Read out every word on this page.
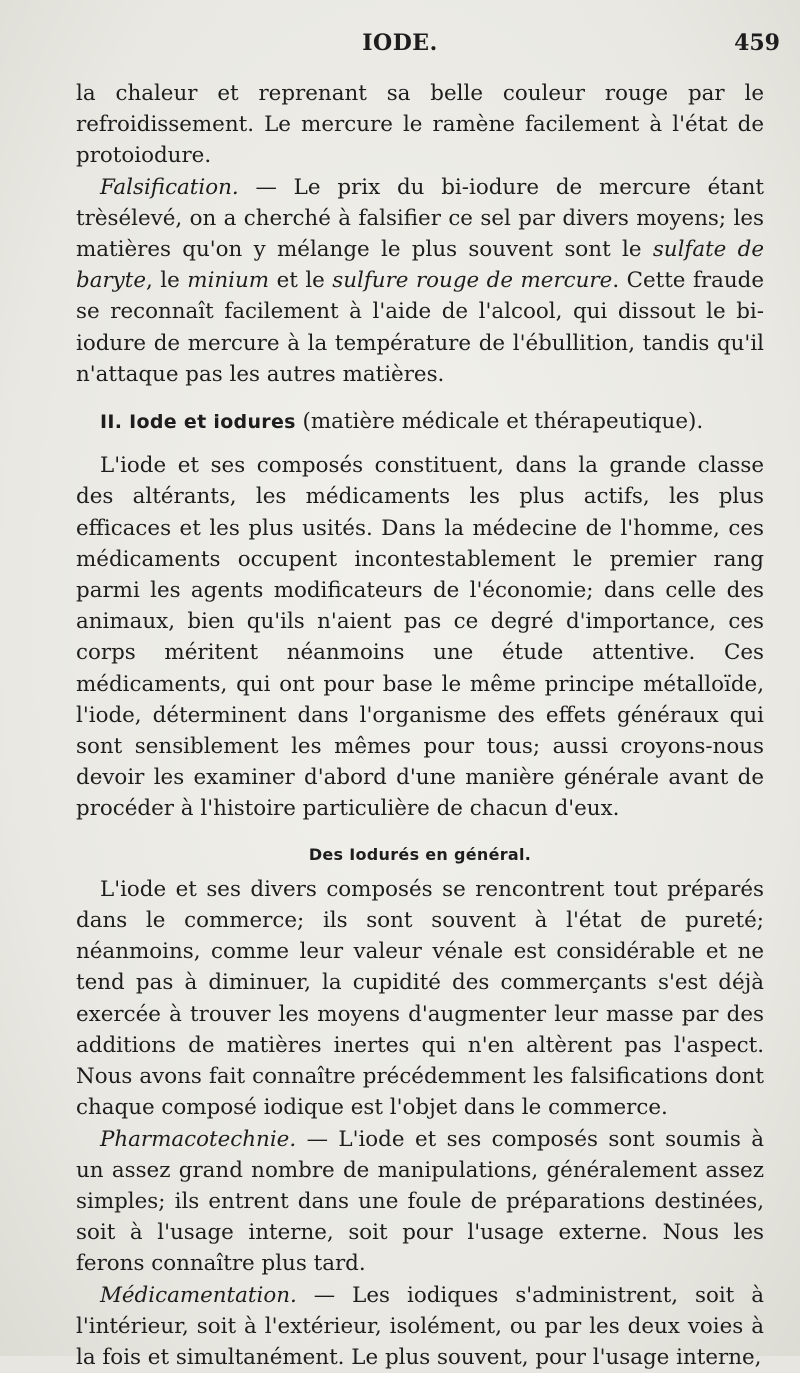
IODE.	459

la chaleur et reprenant sa belle couleur rouge par le refroidissement. Le mercure le ramène facilement à l'état de protoiodure.

Falsification. — Le prix du bi-iodure de mercure étant trèsélevé, on a cherché à falsifier ce sel par divers moyens; les matières qu'on y mélange le plus souvent sont le sulfate de baryte, le minium et le sulfure rouge de mercure. Cette fraude se reconnaît facilement à l'aide de l'alcool, qui dissout le bi-iodure de mercure à la température de l'ébullition, tandis qu'il n'attaque pas les autres matières.

II. Iode et iodures (matière médicale et thérapeutique).

L'iode et ses composés constituent, dans la grande classe des altérants, les médicaments les plus actifs, les plus efficaces et les plus usités. Dans la médecine de l'homme, ces médicaments occupent incontestablement le premier rang parmi les agents modificateurs de l'économie; dans celle des animaux, bien qu'ils n'aient pas ce degré d'importance, ces corps méritent néanmoins une étude attentive. Ces médicaments, qui ont pour base le même principe métalloïde, l'iode, déterminent dans l'organisme des effets généraux qui sont sensiblement les mêmes pour tous; aussi croyons-nous devoir les examiner d'abord d'une manière générale avant de procéder à l'histoire particulière de chacun d'eux.

Des Iodurés en général.

L'iode et ses divers composés se rencontrent tout préparés dans le commerce; ils sont souvent à l'état de pureté; néanmoins, comme leur valeur vénale est considérable et ne tend pas à diminuer, la cupidité des commerçants s'est déjà exercée à trouver les moyens d'augmenter leur masse par des additions de matières inertes qui n'en altèrent pas l'aspect. Nous avons fait connaître précédemment les falsifications dont chaque composé iodique est l'objet dans le commerce.

Pharmacotechnie. — L'iode et ses composés sont soumis à un assez grand nombre de manipulations, généralement assez simples; ils entrent dans une foule de préparations destinées, soit à l'usage interne, soit pour l'usage externe. Nous les ferons connaître plus tard.

Médicamentation. — Les iodiques s'administrent, soit à l'intérieur, soit à l'extérieur, isolément, ou par les deux voies à la fois et simultanément. Le plus souvent, pour l'usage interne,
